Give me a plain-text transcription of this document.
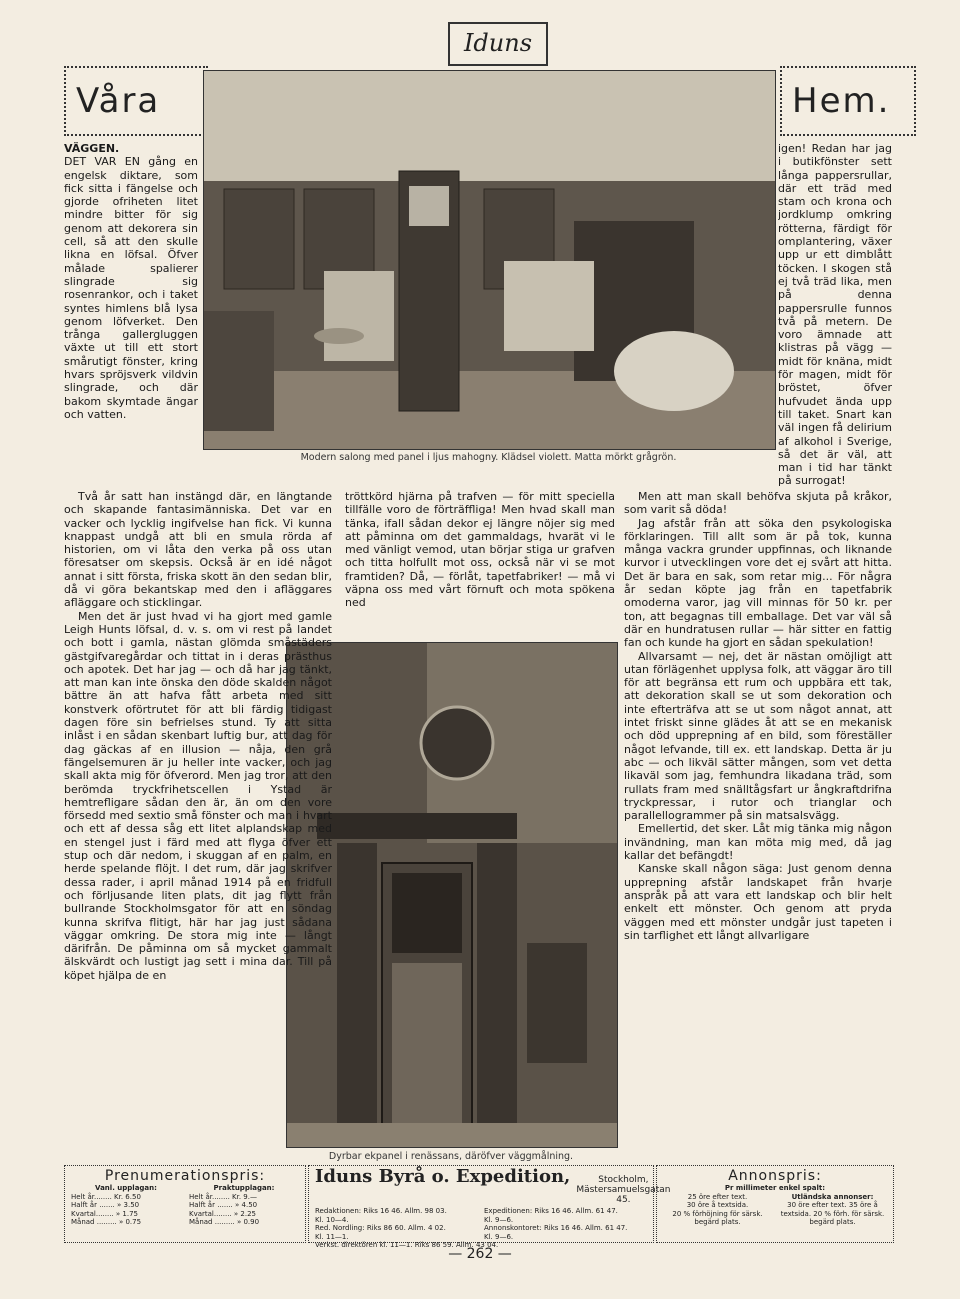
Iduns
Våra	Hem.
Modern salong med panel i ljus mahogny. Klädsel violett. Matta mörkt grågrön.
Dyrbar ekpanel i renässans, däröfver väggmålning.

VÄGGEN.

DET VAR EN gång en engelsk diktare, som fick sitta i fängelse och gjorde ofriheten litet mindre bitter för sig genom att dekorera sin cell, så att den skulle likna en löfsal. Öfver målade spalierer slingrade sig rosenrankor, och i taket syntes himlens blå lysa genom löfverket. Den trånga gallergluggen växte ut till ett stort smårutigt fönster, kring hvars spröjsverk vildvin slingrade, och där bakom skymtade ängar och vatten.

Två år satt han instängd där, en längtande och skapande fantasimänniska. Det var en vacker och lycklig ingifvelse han fick. Vi kunna knappast undgå att bli en smula rörda af historien, om vi låta den verka på oss utan föresatser om skepsis. Också är en idé något annat i sitt första, friska skott än den sedan blir, då vi göra bekantskap med den i afläggares afläggare och sticklingar.

Men det är just hvad vi ha gjort med gamle Leigh Hunts löfsal, d. v. s. om vi rest på landet och bott i gamla, nästan glömda småstäders gästgifvaregårdar och tittat in i deras prästhus och apotek. Det har jag — och då har jag tänkt, att man kan inte önska den döde skalden något bättre än att hafva fått arbeta med sitt konstverk oförtrutet för att bli färdig tidigast dagen före sin befrielses stund. Ty att sitta inlåst i en sådan skenbart luftig bur, att dag för dag gäckas af en illusion — nåja, den grå fängelsemuren är ju heller inte vacker, och jag skall akta mig för öfverord. Men jag tror, att den berömda tryckfrihetscellen i Ystad är hemtrefligare sådan den är, än om den vore försedd med sextio små fönster och man i hvart och ett af dessa såg ett litet alplandskap med en stengel just i färd med att flyga öfver ett stup och där nedom, i skuggan af en palm, en herde spelande flöjt. I det rum, där jag skrifver dessa rader, i april månad 1914 på en fridfull och förljusande liten plats, dit jag flytt från bullrande Stockholmsgator för att en söndag kunna skrifva flitigt, här har jag just sådana väggar omkring. De stora mig inte — långt därifrån. De påminna om så mycket gammalt älskvärdt och lustigt jag sett i mina dar. Till på köpet hjälpa de en

tröttkörd hjärna på trafven — för mitt speciella tillfälle voro de förträffliga! Men hvad skall man tänka, ifall sådan dekor ej längre nöjer sig med att påminna om det gammaldags, hvarät vi le med vänligt vemod, utan börjar stiga ur grafven och titta holfullt mot oss, också när vi se mot framtiden? Då, — förlåt, tapetfabriker! — må vi väpna oss med vårt förnuft och mota spökena ned

igen! Redan har jag i butikfönster sett långa pappersrullar, där ett träd med stam och krona och jordklump omkring rötterna, färdigt för omplantering, växer upp ur ett dimblått töcken. I skogen stå ej två träd lika, men på denna pappersrulle funnos två på metern. De voro ämnade att klistras på vägg — midt för knäna, midt för magen, midt för bröstet, öfver hufvudet ända upp till taket. Snart kan väl ingen få delirium af alkohol i Sverige, så det är väl, att man i tid har tänkt på surrogat!

Men att man skall behöfva skjuta på kråkor, som varit så döda!

Jag afstår från att söka den psykologiska förklaringen. Till allt som är på tok, kunna många vackra grunder uppfinnas, och liknande kurvor i utvecklingen vore det ej svårt att hitta. Det är bara en sak, som retar mig... För några år sedan köpte jag från en tapetfabrik omoderna varor, jag vill minnas för 50 kr. per ton, att begagnas till emballage. Det var väl så där en hundratusen rullar — här sitter en fattig fan och kunde ha gjort en sådan spekulation!

Allvarsamt — nej, det är nästan omöjligt att utan förlägenhet upplysa folk, att väggar äro till för att begränsa ett rum och uppbära ett tak, att dekoration skall se ut som dekoration och inte efterträfva att se ut som något annat, att intet friskt sinne glädes åt att se en mekanisk och död upprepning af en bild, som föreställer något lefvande, till ex. ett landskap. Detta är ju abc — och likväl sätter mången, som vet detta likaväl som jag, femhundra likadana träd, som rullats fram med snälltågsfart ur ångkraftdrifna tryckpressar, i rutor och trianglar och parallellogrammer på sin matsalsvägg.

Emellertid, det sker. Låt mig tänka mig någon invändning, man kan möta mig med, då jag kallar det befängdt!

Kanske skall någon säga: Just genom denna upprepning afstår landskapet från hvarje anspråk på att vara ett landskap och blir helt enkelt ett mönster. Och genom att pryda väggen med ett mönster undgår just tapeten i sin tarflighet ett långt allvarligare

Prenumerationspris:
Vanl. upplagan:
Helt år........ Kr. 6.50
Halft år ....... » 3.50
Kvartal........ » 1.75
Månad ......... » 0.75
Praktupplagan:
Helt år........ Kr. 9.—
Halft år ....... » 4.50
Kvartal........ » 2.25
Månad ......... » 0.90
Iduns Byrå o. Expedition,	Stockholm,
Mästersamuelsgatan 45.
Redaktionen: Riks 16 46. Allm. 98 03.
Kl. 10—4.
Red. Nordling: Riks 86 60. Allm. 4 02.
Kl. 11—1.
Expeditionen: Riks 16 46. Allm. 61 47.
Kl. 9—6.
Annonskontoret: Riks 16 46. Allm. 61 47.
Kl. 9—6.
Verkst. direktören kl. 11—1. Riks 86 59. Allm. 43 04.
Annonspris:
Pr millimeter enkel spalt:
25 öre efter text.
30 öre å textsida.
20 % förhöjning för särsk. begärd plats.
Utländska annonser:
30 öre efter text. 35 öre å textsida. 20 % förh. för särsk. begärd plats.
— 262 —
